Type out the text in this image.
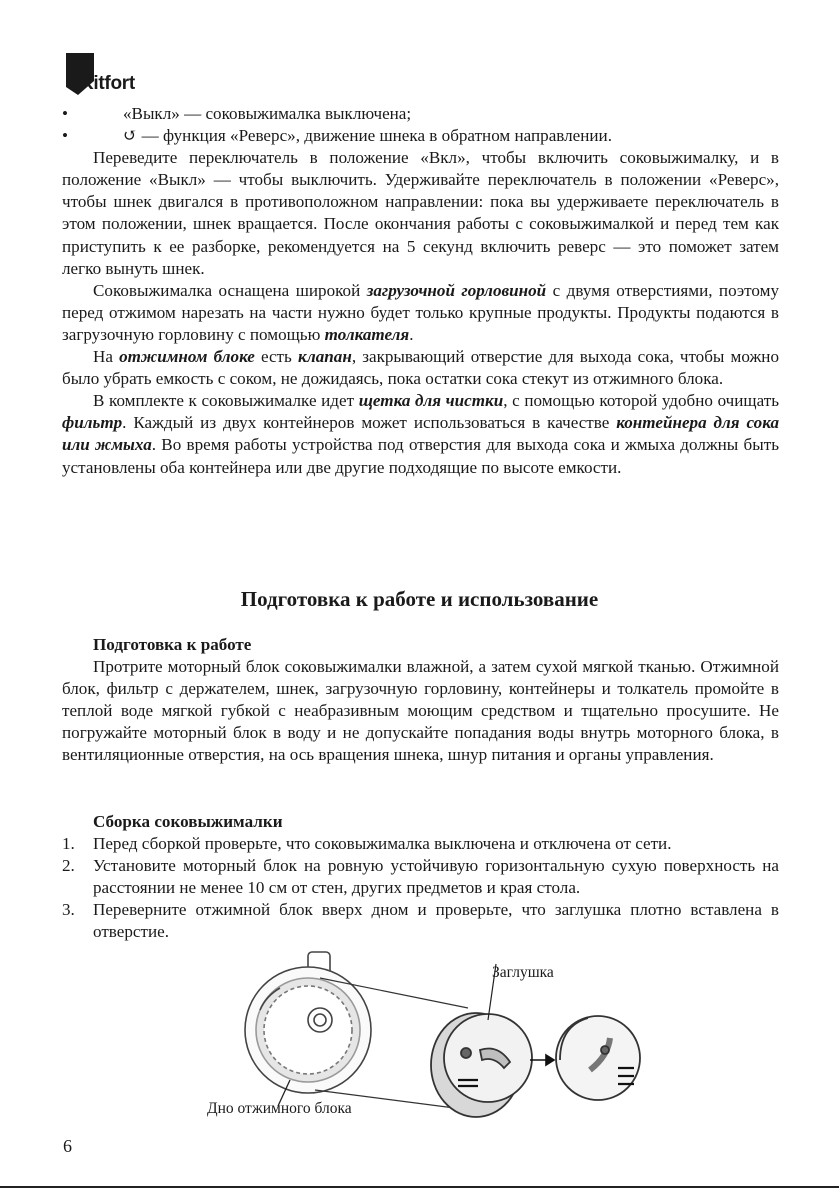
Kitfort
•	«Выкл» — соковыжималка выключена;
•	↺ — функция «Реверс», движение шнека в обратном направлении.

Переведите переключатель в положение «Вкл», чтобы включить соковыжималку, и в положение «Выкл» — чтобы выключить. Удерживайте переключатель в положении «Реверс», чтобы шнек двигался в противоположном направлении: пока вы удерживаете переключатель в этом положении, шнек вращается. После окончания работы с соковыжималкой и перед тем как приступить к ее разборке, рекомендуется на 5 секунд включить реверс — это поможет затем легко вынуть шнек.

Соковыжималка оснащена широкой загрузочной горловиной с двумя отверстиями, поэтому перед отжимом нарезать на части нужно будет только крупные продукты. Продукты подаются в загрузочную горловину с помощью толкателя.

На отжимном блоке есть клапан, закрывающий отверстие для выхода сока, чтобы можно было убрать емкость с соком, не дожидаясь, пока остатки сока стекут из отжимного блока.

В комплекте к соковыжималке идет щетка для чистки, с помощью которой удобно очищать фильтр. Каждый из двух контейнеров может использоваться в качестве контейнера для сока или жмыха. Во время работы устройства под отверстия для выхода сока и жмыха должны быть установлены оба контейнера или две другие подходящие по высоте емкости.

Подготовка к работе и использование
Подготовка к работе

Протрите моторный блок соковыжималки влажной, а затем сухой мягкой тканью. Отжимной блок, фильтр с держателем, шнек, загрузочную горловину, контейнеры и толкатель промойте в теплой воде мягкой губкой с неабразивным моющим средством и тщательно просушите. Не погружайте моторный блок в воду и не допускайте попадания воды внутрь моторного блока, в вентиляционные отверстия, на ось вращения шнека, шнур питания и органы управления.

Сборка соковыжималки
1. Перед сборкой проверьте, что соковыжималка выключена и отключена от сети.
2. Установите моторный блок на ровную устойчивую горизонтальную сухую поверхность на расстоянии не менее 10 см от стен, других предметов и края стола.
3. Переверните отжимной блок вверх дном и проверьте, что заглушка плотно вставлена в отверстие.
Заглушка
Дно отжимного блока
6
